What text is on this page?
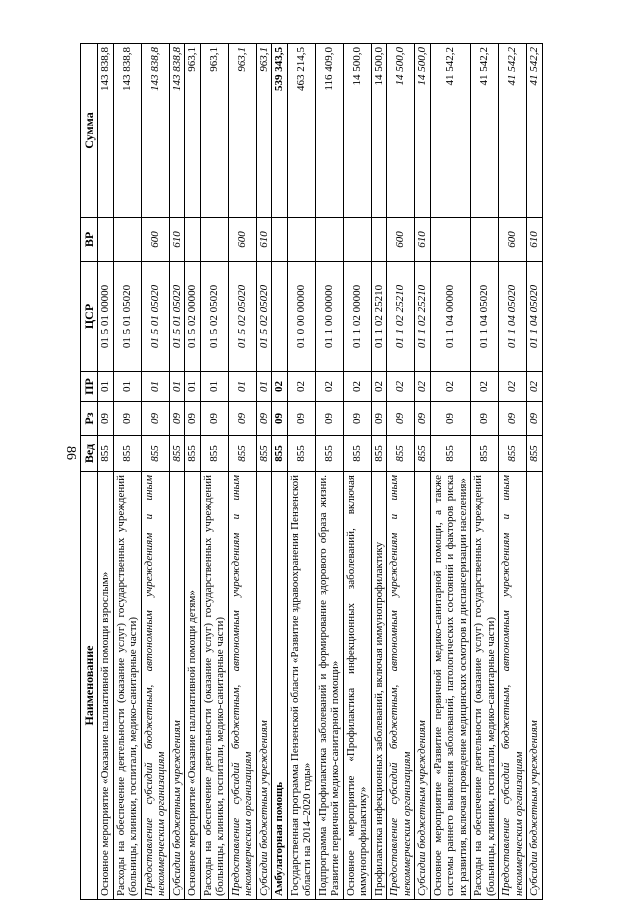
86
Наименование	Вед	Рз	ПР	ЦСР	ВР	Сумма
Основное мероприятие «Оказание паллиативной помощи взрослым»	855	09	01	01 5 01 00000		143 838,8
Расходы на обеспечение деятельности (оказание услуг) государственных учреждений (больницы, клиники, госпитали, медико-санитарные части)	855	09	01	01 5 01 05020		143 838,8
Предоставление субсидий бюджетным, автономным учреждениям и иным некоммерческим организациям	855	09	01	01 5 01 05020	600	143 838,8
Субсидии бюджетным учреждениям	855	09	01	01 5 01 05020	610	143 838,8
Основное мероприятие «Оказание паллиативной помощи детям»	855	09	01	01 5 02 00000		963,1
Расходы на обеспечение деятельности (оказание услуг) государственных учреждений (больницы, клиники, госпитали, медико-санитарные части)	855	09	01	01 5 02 05020		963,1
Предоставление субсидий бюджетным, автономным учреждениям и иным некоммерческим организациям	855	09	01	01 5 02 05020	600	963,1
Субсидии бюджетным учреждениям	855	09	01	01 5 02 05020	610	963,1
Амбулаторная помощь	855	09	02			539 343,5
Государственная программа Пензенской области «Развитие здравоохранения Пензенской области на 2014–2020 годы»	855	09	02	01 0 00 00000		463 214,5
Подпрограмма «Профилактика заболеваний и формирование здорового образа жизни. Развитие первичной медико-санитарной помощи»	855	09	02	01 1 00 00000		116 409,0
Основное мероприятие «Профилактика инфекционных заболеваний, включая иммунопрофилактику»	855	09	02	01 1 02 00000		14 500,0
Профилактика инфекционных заболеваний, включая иммунопрофилактику	855	09	02	01 1 02 25210		14 500,0
Предоставление субсидий бюджетным, автономным учреждениям и иным некоммерческим организациям	855	09	02	01 1 02 25210	600	14 500,0
Субсидии бюджетным учреждениям	855	09	02	01 1 02 25210	610	14 500,0
Основное мероприятие «Развитие первичной медико-санитарной помощи, а также системы раннего выявления заболеваний, патологических состояний и факторов риска их развития, включая проведение медицинских осмотров и диспансеризации населения»	855	09	02	01 1 04 00000		41 542,2
Расходы на обеспечение деятельности (оказание услуг) государственных учреждений (больницы, клиники, госпитали, медико-санитарные части)	855	09	02	01 1 04 05020		41 542,2
Предоставление субсидий бюджетным, автономным учреждениям и иным некоммерческим организациям	855	09	02	01 1 04 05020	600	41 542,2
Субсидии бюджетным учреждениям	855	09	02	01 1 04 05020	610	41 542,2
